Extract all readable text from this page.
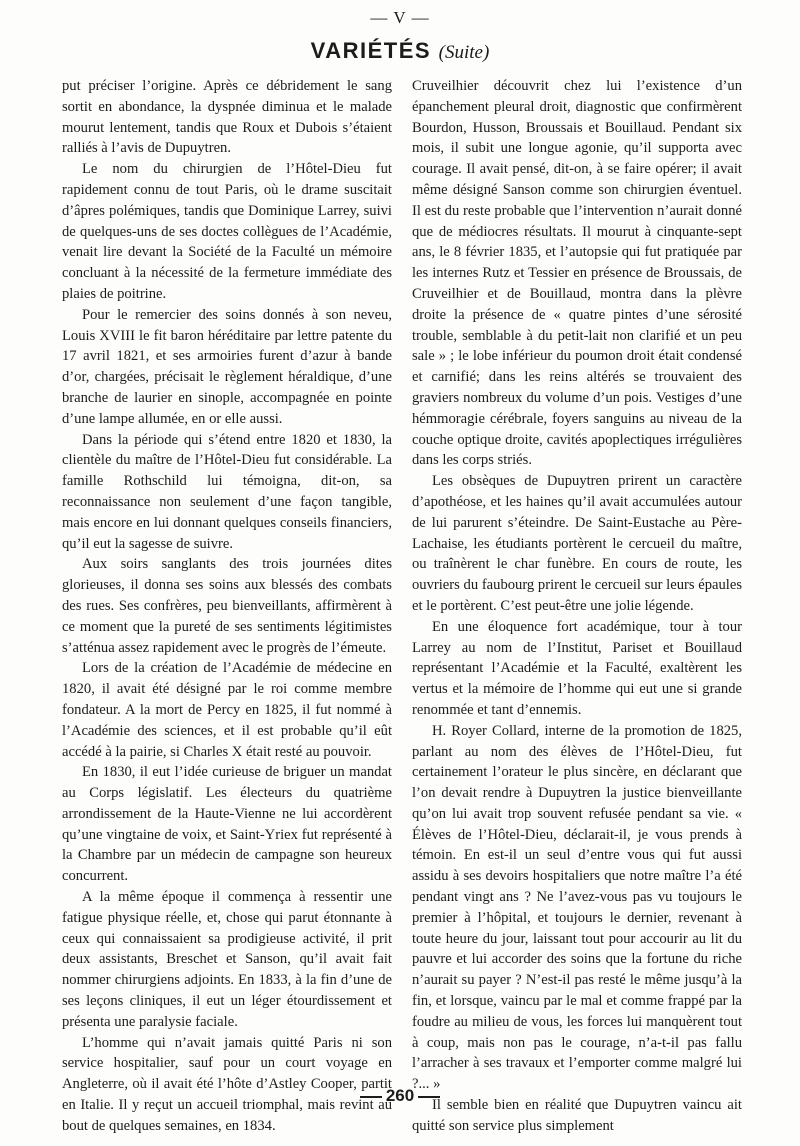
— V —
VARIÉTÉS (Suite)

put préciser l’origine. Après ce débridement le sang sortit en abondance, la dyspnée diminua et le malade mourut lentement, tandis que Roux et Dubois s’étaient ralliés à l’avis de Dupuytren.

Le nom du chirurgien de l’Hôtel-Dieu fut rapidement connu de tout Paris, où le drame suscitait d’âpres polémiques, tandis que Dominique Larrey, suivi de quelques-uns de ses doctes collègues de l’Académie, venait lire devant la Société de la Faculté un mémoire concluant à la nécessité de la fermeture immédiate des plaies de poitrine.

Pour le remercier des soins donnés à son neveu, Louis XVIII le fit baron héréditaire par lettre patente du 17 avril 1821, et ses armoiries furent d’azur à bande d’or, chargées, précisait le règlement héraldique, d’une branche de laurier en sinople, accompagnée en pointe d’une lampe allumée, en or elle aussi.

Dans la période qui s’étend entre 1820 et 1830, la clientèle du maître de l’Hôtel-Dieu fut considérable. La famille Rothschild lui témoigna, dit-on, sa reconnaissance non seulement d’une façon tangible, mais encore en lui donnant quelques conseils financiers, qu’il eut la sagesse de suivre.

Aux soirs sanglants des trois journées dites glorieuses, il donna ses soins aux blessés des combats des rues. Ses confrères, peu bienveillants, affirmèrent à ce moment que la pureté de ses sentiments légitimistes s’atténua assez rapidement avec le progrès de l’émeute.

Lors de la création de l’Académie de médecine en 1820, il avait été désigné par le roi comme membre fondateur. A la mort de Percy en 1825, il fut nommé à l’Académie des sciences, et il est probable qu’il eût accédé à la pairie, si Charles X était resté au pouvoir.

En 1830, il eut l’idée curieuse de briguer un mandat au Corps législatif. Les électeurs du quatrième arrondissement de la Haute-Vienne ne lui accordèrent qu’une vingtaine de voix, et Saint-Yriex fut représenté à la Chambre par un médecin de campagne son heureux concurrent.

A la même époque il commença à ressentir une fatigue physique réelle, et, chose qui parut étonnante à ceux qui connaissaient sa prodigieuse activité, il prit deux assistants, Breschet et Sanson, qu’il avait fait nommer chirurgiens adjoints. En 1833, à la fin d’une de ses leçons cliniques, il eut un léger étourdissement et présenta une paralysie faciale.

L’homme qui n’avait jamais quitté Paris ni son service hospitalier, sauf pour un court voyage en Angleterre, où il avait été l’hôte d’Astley Cooper, partit en Italie. Il y reçut un accueil triomphal, mais revint au bout de quelques semaines, en 1834.

Cruveilhier découvrit chez lui l’existence d’un épanchement pleural droit, diagnostic que confirmèrent Bourdon, Husson, Broussais et Bouillaud. Pendant six mois, il subit une longue agonie, qu’il supporta avec courage. Il avait pensé, dit-on, à se faire opérer; il avait même désigné Sanson comme son chirurgien éventuel. Il est du reste probable que l’intervention n’aurait donné que de médiocres résultats. Il mourut à cinquante-sept ans, le 8 février 1835, et l’autopsie qui fut pratiquée par les internes Rutz et Tessier en présence de Broussais, de Cruveilhier et de Bouillaud, montra dans la plèvre droite la présence de « quatre pintes d’une sérosité trouble, semblable à du petit-lait non clarifié et un peu sale » ; le lobe inférieur du poumon droit était condensé et carnifié; dans les reins altérés se trouvaient des graviers nombreux du volume d’un pois. Vestiges d’une hémmoragie cérébrale, foyers sanguins au niveau de la couche optique droite, cavités apoplectiques irrégulières dans les corps striés.

Les obsèques de Dupuytren prirent un caractère d’apothéose, et les haines qu’il avait accumulées autour de lui parurent s’éteindre. De Saint-Eustache au Père-Lachaise, les étudiants portèrent le cercueil du maître, ou traînèrent le char funèbre. En cours de route, les ouvriers du faubourg prirent le cercueil sur leurs épaules et le portèrent. C’est peut-être une jolie légende.

En une éloquence fort académique, tour à tour Larrey au nom de l’Institut, Pariset et Bouillaud représentant l’Académie et la Faculté, exaltèrent les vertus et la mémoire de l’homme qui eut une si grande renommée et tant d’ennemis.

H. Royer Collard, interne de la promotion de 1825, parlant au nom des élèves de l’Hôtel-Dieu, fut certainement l’orateur le plus sincère, en déclarant que l’on devait rendre à Dupuytren la justice bienveillante qu’on lui avait trop souvent refusée pendant sa vie. « Élèves de l’Hôtel-Dieu, déclarait-il, je vous prends à témoin. En est-il un seul d’entre vous qui fut aussi assidu à ses devoirs hospitaliers que notre maître l’a été pendant vingt ans ? Ne l’avez-vous pas vu toujours le premier à l’hôpital, et toujours le dernier, revenant à toute heure du jour, laissant tout pour accourir au lit du pauvre et lui accorder des soins que la fortune du riche n’aurait su payer ? N’est-il pas resté le même jusqu’à la fin, et lorsque, vaincu par le mal et comme frappé par la foudre au milieu de vous, les forces lui manquèrent tout à coup, mais non pas le courage, n’a-t-il pas fallu l’arracher à ses travaux et l’emporter comme malgré lui ?... »

Il semble bien en réalité que Dupuytren vaincu ait quitté son service plus simplement

260
